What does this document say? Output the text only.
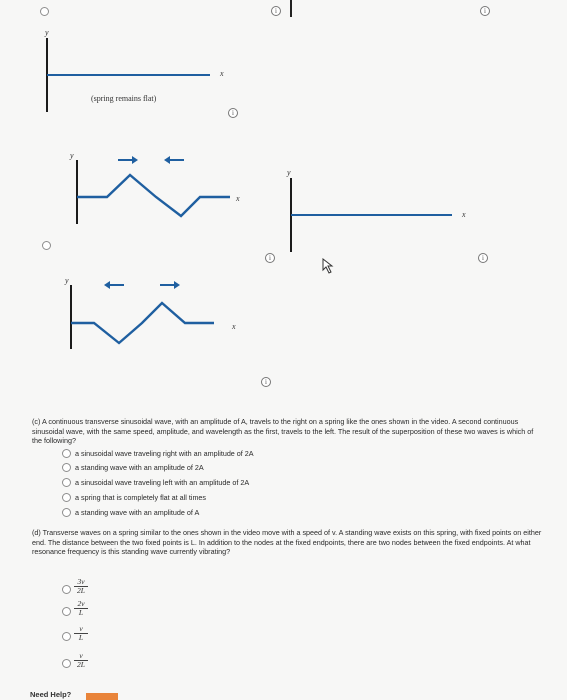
i	i
i
i	i
i
y
x
(spring remains flat)
y
x
y
x
y
x
(c) A continuous transverse sinusoidal wave, with an amplitude of A, travels to the right on a spring like the ones shown in the video. A second continuous sinusoidal wave, with the same speed, amplitude, and wavelength as the first, travels to the left. The result of the superposition of these two waves is which of the following?
a sinusoidal wave traveling right with an amplitude of 2A
a standing wave with an amplitude of 2A
a sinusoidal wave traveling left with an amplitude of 2A
a spring that is completely flat at all times
a standing wave with an amplitude of A
(d) Transverse waves on a spring similar to the ones shown in the video move with a speed of v. A standing wave exists on this spring, with fixed points on either end. The distance between the two fixed points is L. In addition to the nodes at the fixed endpoints, there are two nodes between the fixed endpoints. At what resonance frequency is this standing wave currently vibrating?
$\frac{3v}{2L}$
$\frac{2v}{L}$
$\frac{v}{L}$
$\frac{v}{2L}$
Need Help?
